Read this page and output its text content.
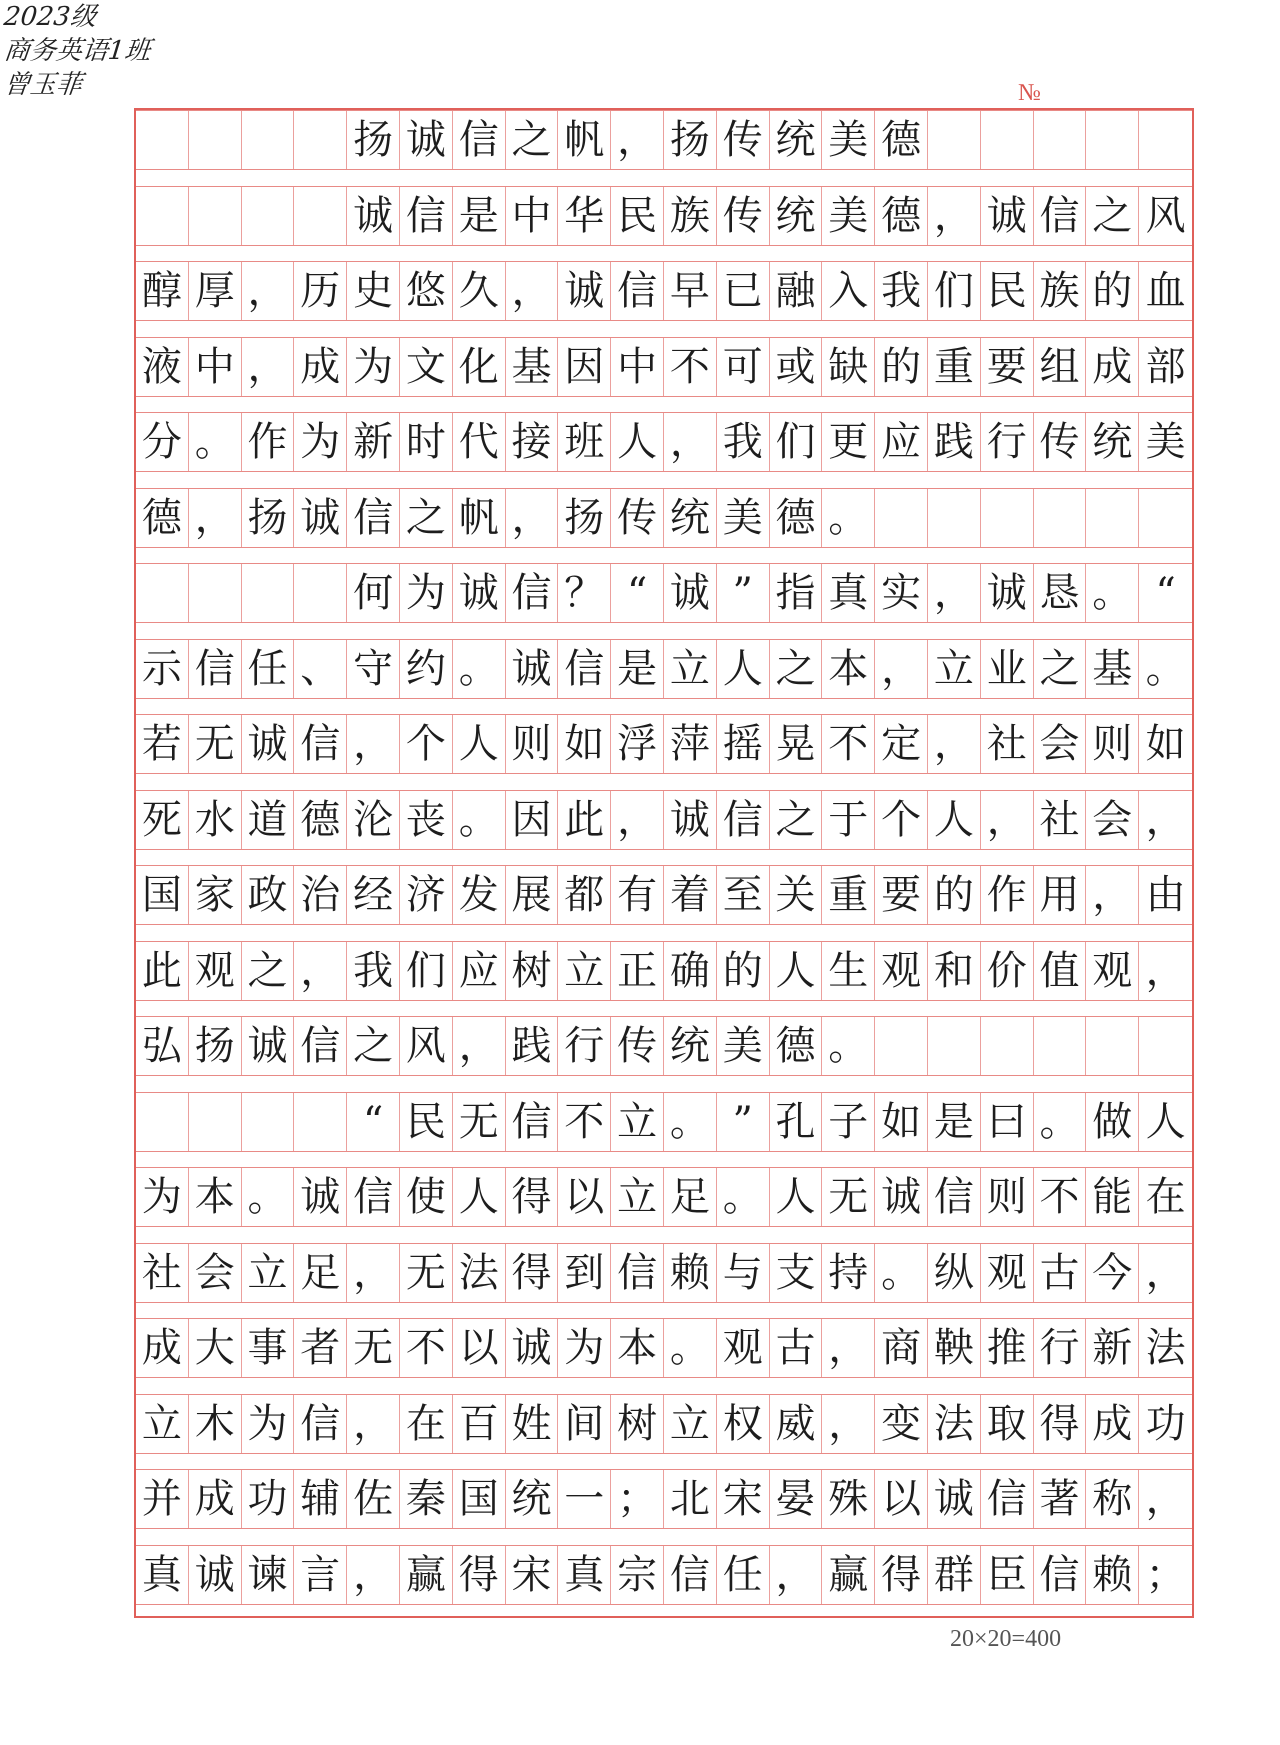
2023级
商务英语1班
曾玉菲	№

扬 诚 信 之 帆 ， 扬 传 统 美 德

诚 信 是 中 华 民 族 传 统 美 德 ， 诚 信 之 风
醇 厚 ， 历 史 悠 久 ， 诚 信 早 已 融 入 我 们 民 族 的 血
液 中 ， 成 为 文 化 基 因 中 不 可 或 缺 的 重 要 组 成 部
分 。 作 为 新 时 代 接 班 人 ， 我 们 更 应 践 行 传 统 美
德 ， 扬 诚 信 之 帆 ， 扬 传 统 美 德 。

何 为 诚 信 ？ “ 诚 ” 指 真 实 ， 诚 恳 。 “
示 信 任 、 守 约 。 诚 信 是 立 人 之 本 ， 立 业 之 基 。
若 无 诚 信 ， 个 人 则 如 浮 萍 摇 晃 不 定 ， 社 会 则 如
死 水 道 德 沦 丧 。 因 此 ， 诚 信 之 于 个 人 ， 社 会 ，
国 家 政 治 经 济 发 展 都 有 着 至 关 重 要 的 作 用 ， 由
此 观 之 ， 我 们 应 树 立 正 确 的 人 生 观 和 价 值 观 ，
弘 扬 诚 信 之 风 ， 践 行 传 统 美 德 。

“ 民 无 信 不 立 。 ” 孔 子 如 是 曰 。 做 人
为 本 。 诚 信 使 人 得 以 立 足 。 人 无 诚 信 则 不 能 在
社 会 立 足 ， 无 法 得 到 信 赖 与 支 持 。 纵 观 古 今 ，
成 大 事 者 无 不 以 诚 为 本 。 观 古 ， 商 鞅 推 行 新 法
立 木 为 信 ， 在 百 姓 间 树 立 权 威 ， 变 法 取 得 成 功
并 成 功 辅 佐 秦 国 统 一 ； 北 宋 晏 殊 以 诚 信 著 称 ，
真 诚 谏 言 ， 赢 得 宋 真 宗 信 任 ， 赢 得 群 臣 信 赖 ；
20×20=400
